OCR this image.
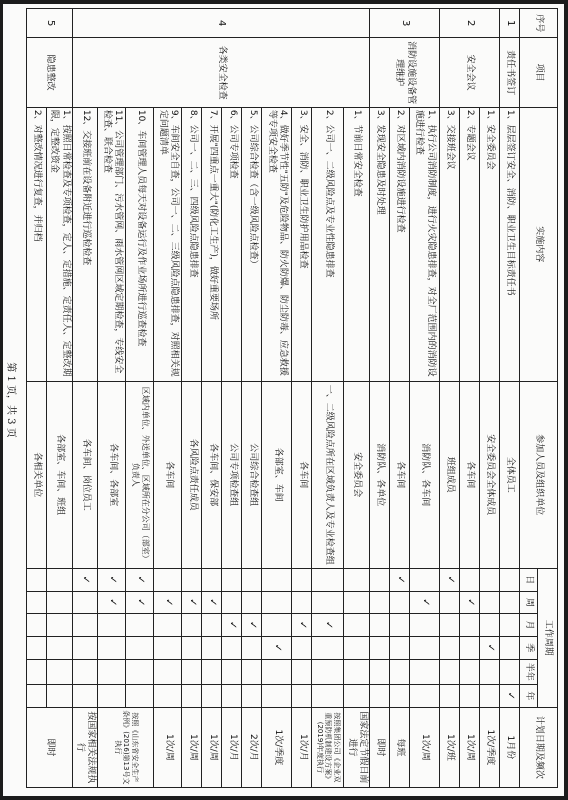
序号	项目	实施内容	参加人员及组织单位	工作周期						计划日期及频次
				日	周	月	季	半年	年	
1	责任书签订	1、层层签订安全、消防、职业卫生目标责任书	全体员工						✓	1月份
2	安全会议	1、安全委员会	安全委员会全体成员				✓			1次/季度
		2、专题会议	各车间		✓					1次/周
		3、交接班会议	班组成员	✓						1次/班
3	消防设施设备管理维护	1、执行公司消防制度，进行火灾隐患排查，对全厂范围内的消防设施进行检查	消防队、各车间		✓					1次/周
		2、对区域内消防设施进行检查	各车间	✓						每班
		3、发现安全隐患及时处理	消防队、各单位							即时
4	各类安全检查	1、节前日常安全检查	安全委员会							国家法定节假日前进行
		2、公司一、二级风险点及专业性隐患排查	一、二级风险点所在区域负责人及专业检查组			✓				按照集团公司《企业双重预防机制建设方案》(2019)年度执行
		3、安全、消防、职业卫生防护用品检查	各车间			✓				1次/月
		4、做好季节性"五防"及危险物品、防火防爆、防尘防毒、应急救援等专项安全检查	各部室、车间				✓			1次/季度
		5、公司综合检查（含一级风险点检查）	公司综合检查组			✓				2次/月
		6、公司专项检查	公司专项检查组			✓				1次/月
		7、开展"四重点一重大"(防化工生产)，做好重要场所	各车间、保安部		✓					1次/周
		8、公司一、二、三、四级风险点隐患排查	各风险点责任成员		✓					1次/周
		9、车间安全自查，公司一、二、三级风险点隐患排查，对照相关规定问题清单	各车间		✓					1次/周
		10、车间管理人员每天对设备运行及作业场所进行巡查检查	区域内单位、外送单位、区域所在分公司（部室）负责人	✓	✓					按照《山东省安全生产条例》(2016)第13号文执行
		11、公司管理部门、污水管网、雨水管网区域定期检查，专线安全检查、联合检查	各车间、各部室	✓	✓					
		12、交接班前在设备附近进行巡检检查	各车间、岗位员工	✓						按国家相关法规执行
5	隐患整改	1、按照日常检查及专项检查，定人、定措施、定责任人、定整改期限，定整改资金	各部室、车间、班组							即时
		2、对整改情况进行复查，并归档	各相关单位							
第 1 页，共 3 页
